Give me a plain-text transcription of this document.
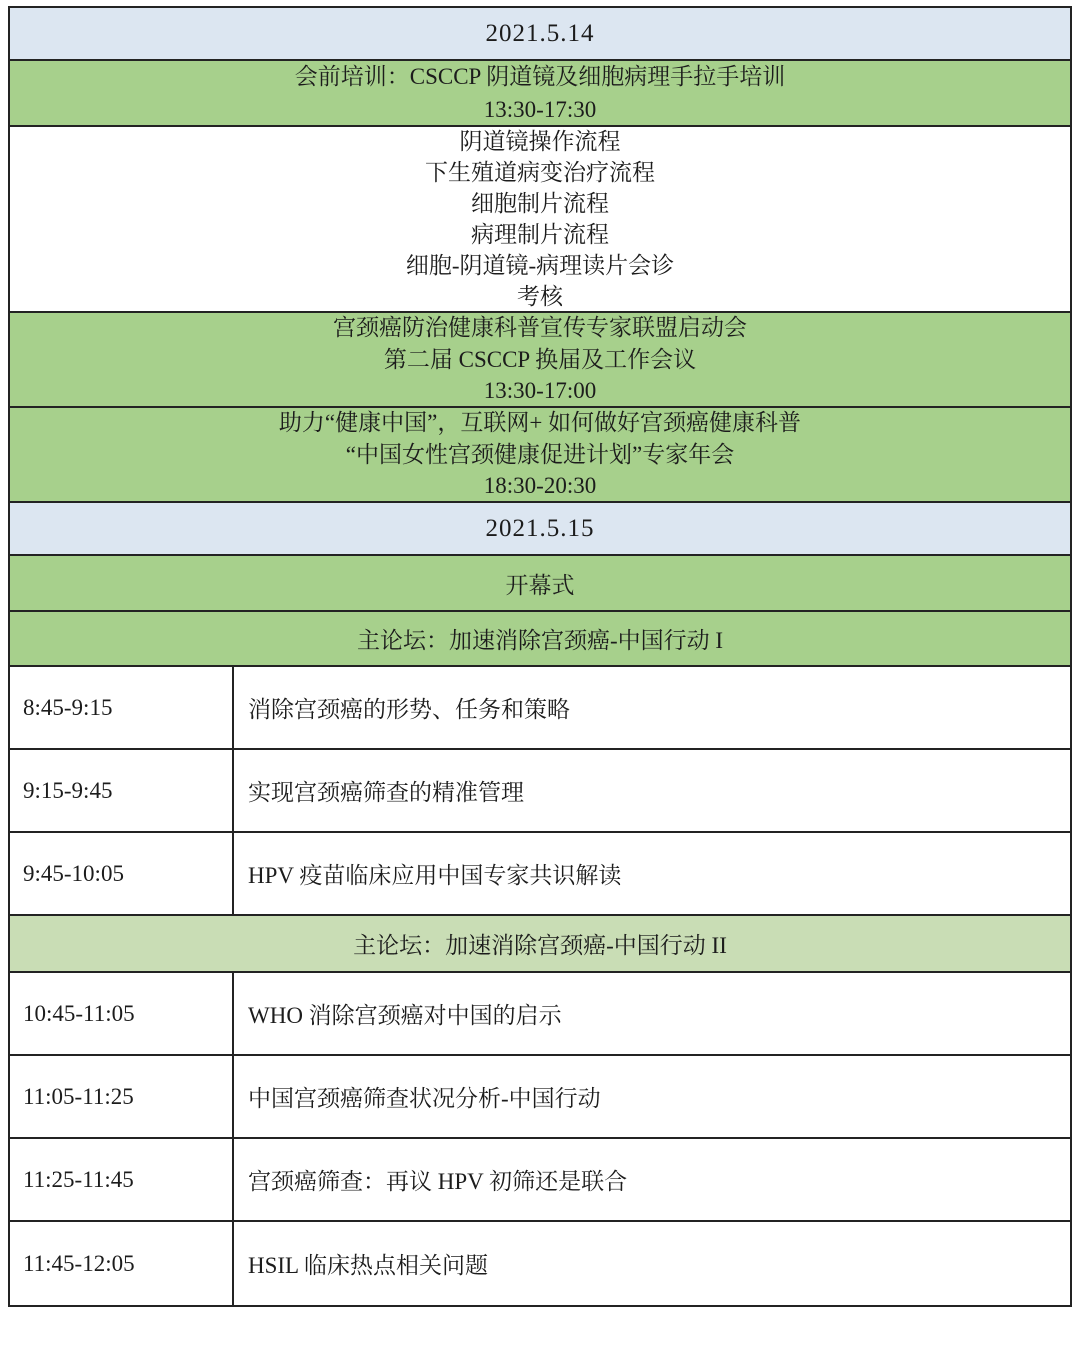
2021.5.14
会前培训：CSCCP 阴道镜及细胞病理手拉手培训
13:30-17:30
阴道镜操作流程
下生殖道病变治疗流程
细胞制片流程
病理制片流程
细胞-阴道镜-病理读片会诊
考核
宫颈癌防治健康科普宣传专家联盟启动会
第二届 CSCCP 换届及工作会议
13:30-17:00
助力“健康中国”，互联网+ 如何做好宫颈癌健康科普
“中国女性宫颈健康促进计划”专家年会
18:30-20:30
2021.5.15
开幕式
主论坛：加速消除宫颈癌-中国行动 I
8:45-9:15	消除宫颈癌的形势、任务和策略
9:15-9:45	实现宫颈癌筛查的精准管理
9:45-10:05	HPV 疫苗临床应用中国专家共识解读
主论坛：加速消除宫颈癌-中国行动 II
10:45-11:05	WHO 消除宫颈癌对中国的启示
11:05-11:25	中国宫颈癌筛查状况分析-中国行动
11:25-11:45	宫颈癌筛查：再议 HPV 初筛还是联合
11:45-12:05	HSIL 临床热点相关问题
